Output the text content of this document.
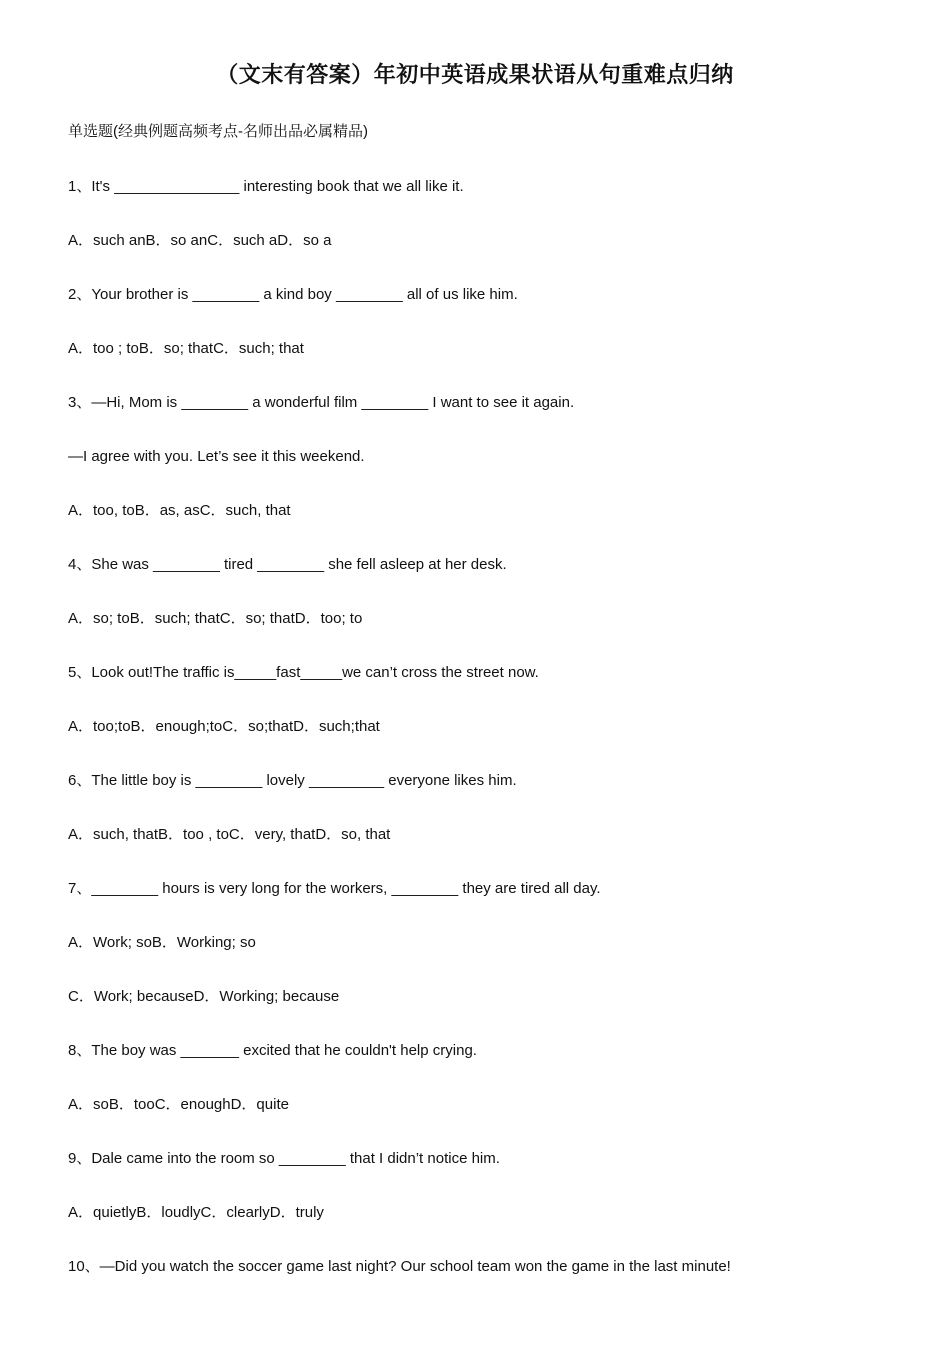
（文末有答案）年初中英语成果状语从句重难点归纳
单选题(经典例题高频考点-名师出品必属精品)
1、It's _______________ interesting book that we all like it.
A．such anB．so anC．such aD．so a
2、Your brother is ________ a kind boy ________ all of us like him.
A．too ; toB．so; thatC．such; that
3、—Hi, Mom is ________ a wonderful film ________ I want to see it again.
—I agree with you. Let’s see it this weekend.
A．too, toB．as, asC．such, that
4、She was ________ tired ________ she fell asleep at her desk.
A．so; toB．such; thatC．so; thatD．too; to
5、Look out!The traffic is_____fast_____we can’t cross the street now.
A．too;toB．enough;toC．so;thatD．such;that
6、The little boy is ________ lovely _________ everyone likes him.
A．such, thatB．too , toC．very, thatD．so, that
7、________ hours is very long for the workers, ________ they are tired all day.
A．Work; soB．Working; so
C．Work; becauseD．Working; because
8、The boy was _______ excited that he couldn't help crying.
A．soB．tooC．enoughD．quite
9、Dale came into the room so ________ that I didn’t notice him.
A．quietlyB．loudlyC．clearlyD．truly
10、—Did you watch the soccer game last night? Our school team won the game in the last minute!
